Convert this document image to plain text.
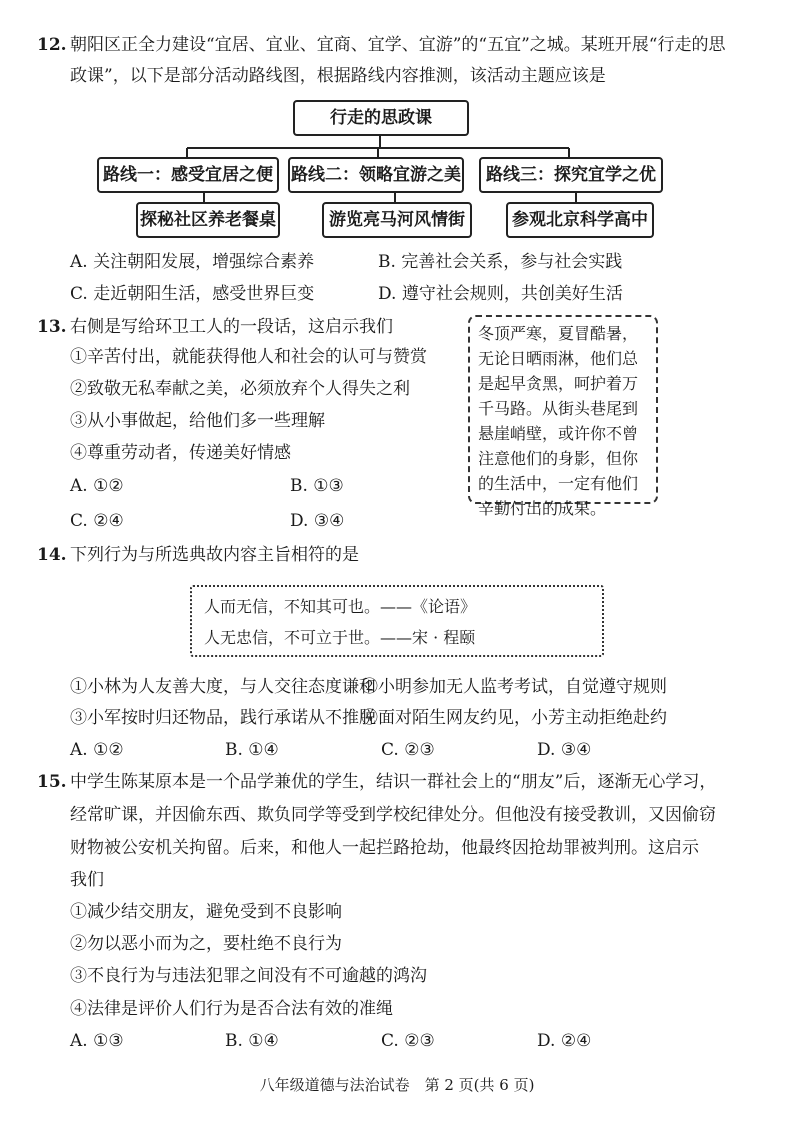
12. 朝阳区正全力建设“宜居、宜业、宜商、宜学、宜游”的“五宜”之城。某班开展“行走的思
政课”，以下是部分活动路线图，根据路线内容推测，该活动主题应该是
行走的思政课
路线一：感受宜居之便	路线二：领略宜游之美	路线三：探究宜学之优
探秘社区养老餐桌	游览亮马河风情街	参观北京科学高中
A. 关注朝阳发展，增强综合素养	B. 完善社会关系，参与社会实践
C. 走近朝阳生活，感受世界巨变	D. 遵守社会规则，共创美好生活
13. 右侧是写给环卫工人的一段话，这启示我们
①辛苦付出，就能获得他人和社会的认可与赞赏
②致敬无私奉献之美，必须放弃个人得失之利
③从小事做起，给他们多一些理解
④尊重劳动者，传递美好情感
冬顶严寒，夏冒酷暑，
无论日晒雨淋，他们总
是起早贪黑，呵护着万
千马路。从街头巷尾到
悬崖峭壁，或许你不曾
注意他们的身影，但你
的生活中，一定有他们
辛勤付出的成果。
A. ①②	B. ①③
C. ②④	D. ③④
14. 下列行为与所选典故内容主旨相符的是
人而无信，不知其可也。——《论语》
人无忠信，不可立于世。——宋 · 程颐
①小林为人友善大度，与人交往态度谦和
②小明参加无人监考考试，自觉遵守规则
③小军按时归还物品，践行承诺从不推脱
④面对陌生网友约见，小芳主动拒绝赴约
A. ①②	B. ①④	C. ②③	D. ③④
15. 中学生陈某原本是一个品学兼优的学生，结识一群社会上的“朋友”后，逐渐无心学习，
经常旷课，并因偷东西、欺负同学等受到学校纪律处分。但他没有接受教训，又因偷窃
财物被公安机关拘留。后来，和他人一起拦路抢劫，他最终因抢劫罪被判刑。这启示
我们
①减少结交朋友，避免受到不良影响
②勿以恶小而为之，要杜绝不良行为
③不良行为与违法犯罪之间没有不可逾越的鸿沟
④法律是评价人们行为是否合法有效的准绳
A. ①③	B. ①④	C. ②③	D. ②④
八年级道德与法治试卷　第 2 页(共 6 页)
